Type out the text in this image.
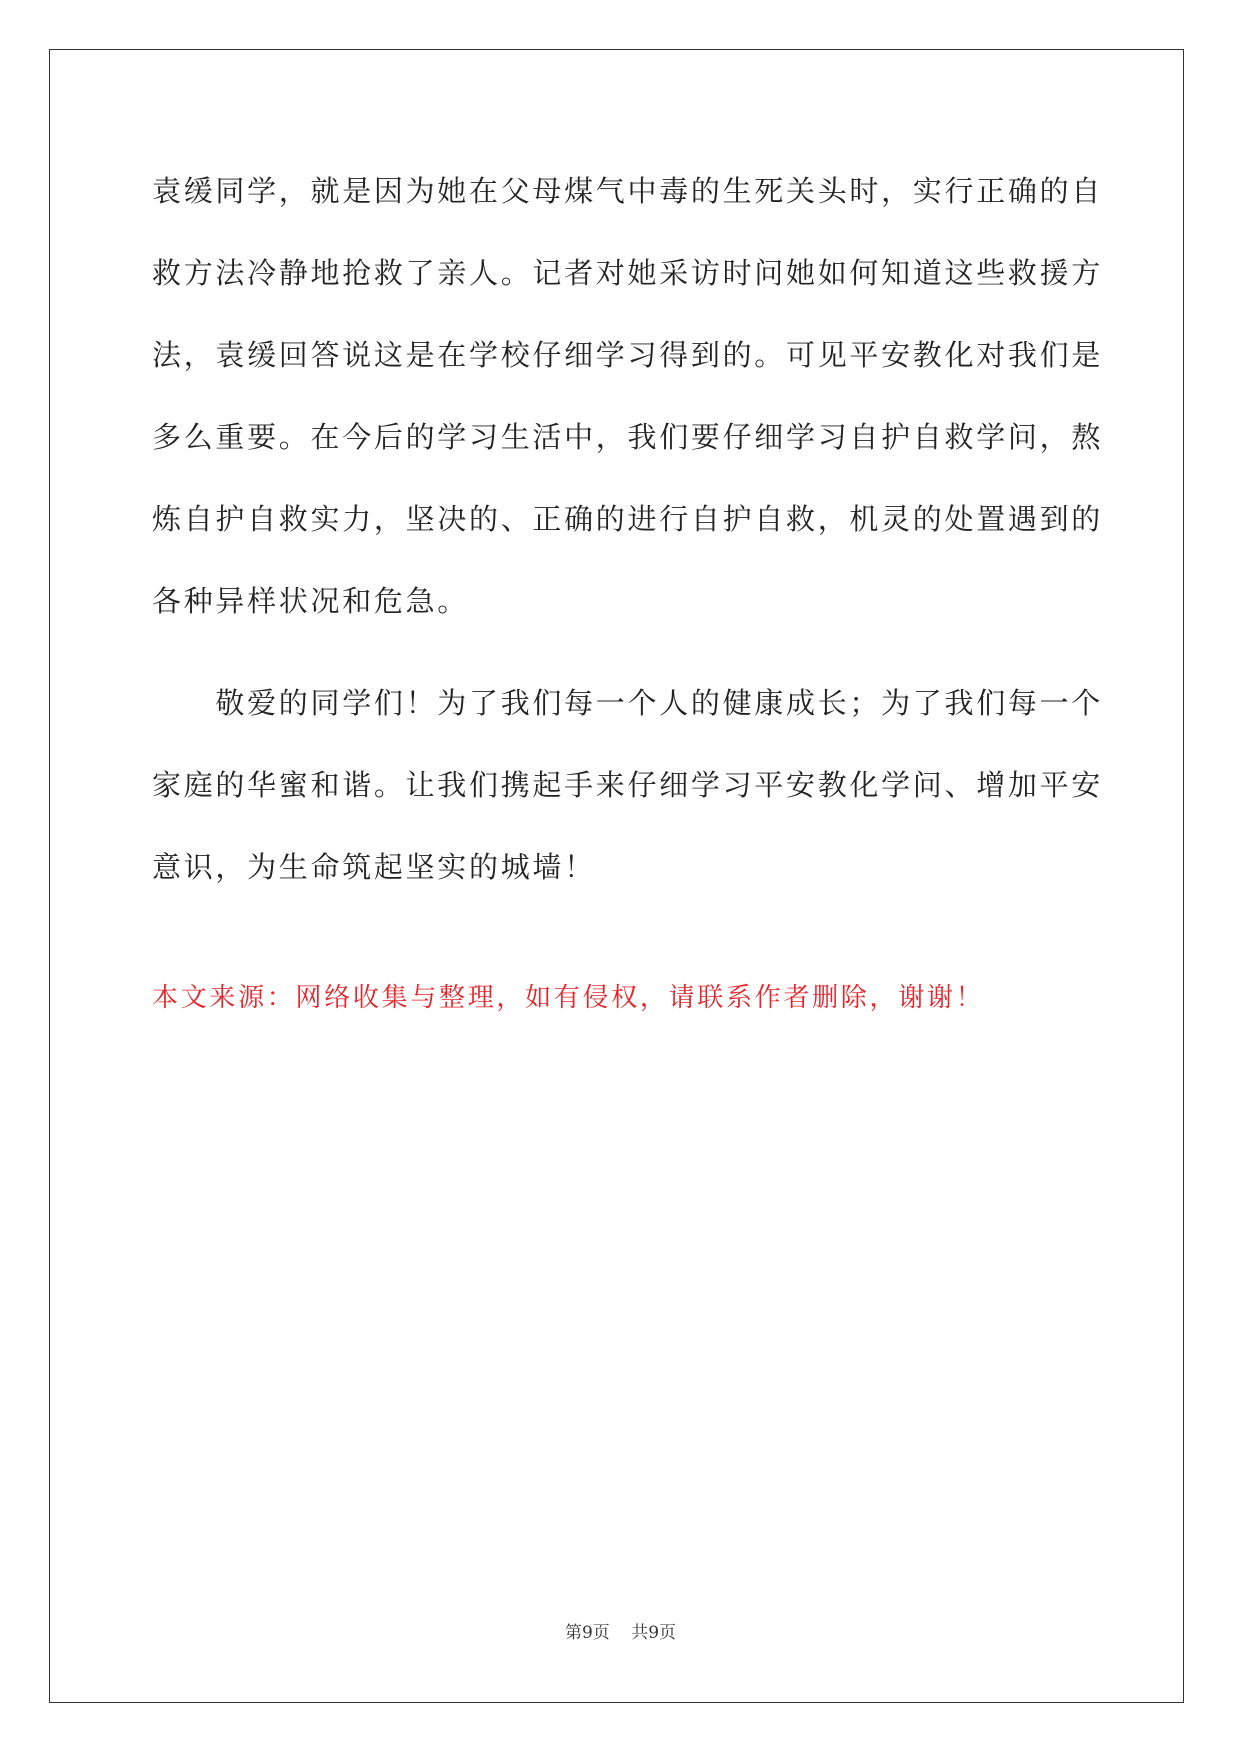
袁缓同学，就是因为她在父母煤气中毒的生死关头时，实行正确的自
救方法冷静地抢救了亲人。记者对她采访时问她如何知道这些救援方
法，袁缓回答说这是在学校仔细学习得到的。可见平安教化对我们是
多么重要。在今后的学习生活中，我们要仔细学习自护自救学问，熬
炼自护自救实力，坚决的、正确的进行自护自救，机灵的处置遇到的
各种异样状况和危急。
　　敬爱的同学们！为了我们每一个人的健康成长；为了我们每一个
家庭的华蜜和谐。让我们携起手来仔细学习平安教化学问、增加平安
意识，为生命筑起坚实的城墙！
本文来源：网络收集与整理，如有侵权，请联系作者删除，谢谢！
第9页 共9页
